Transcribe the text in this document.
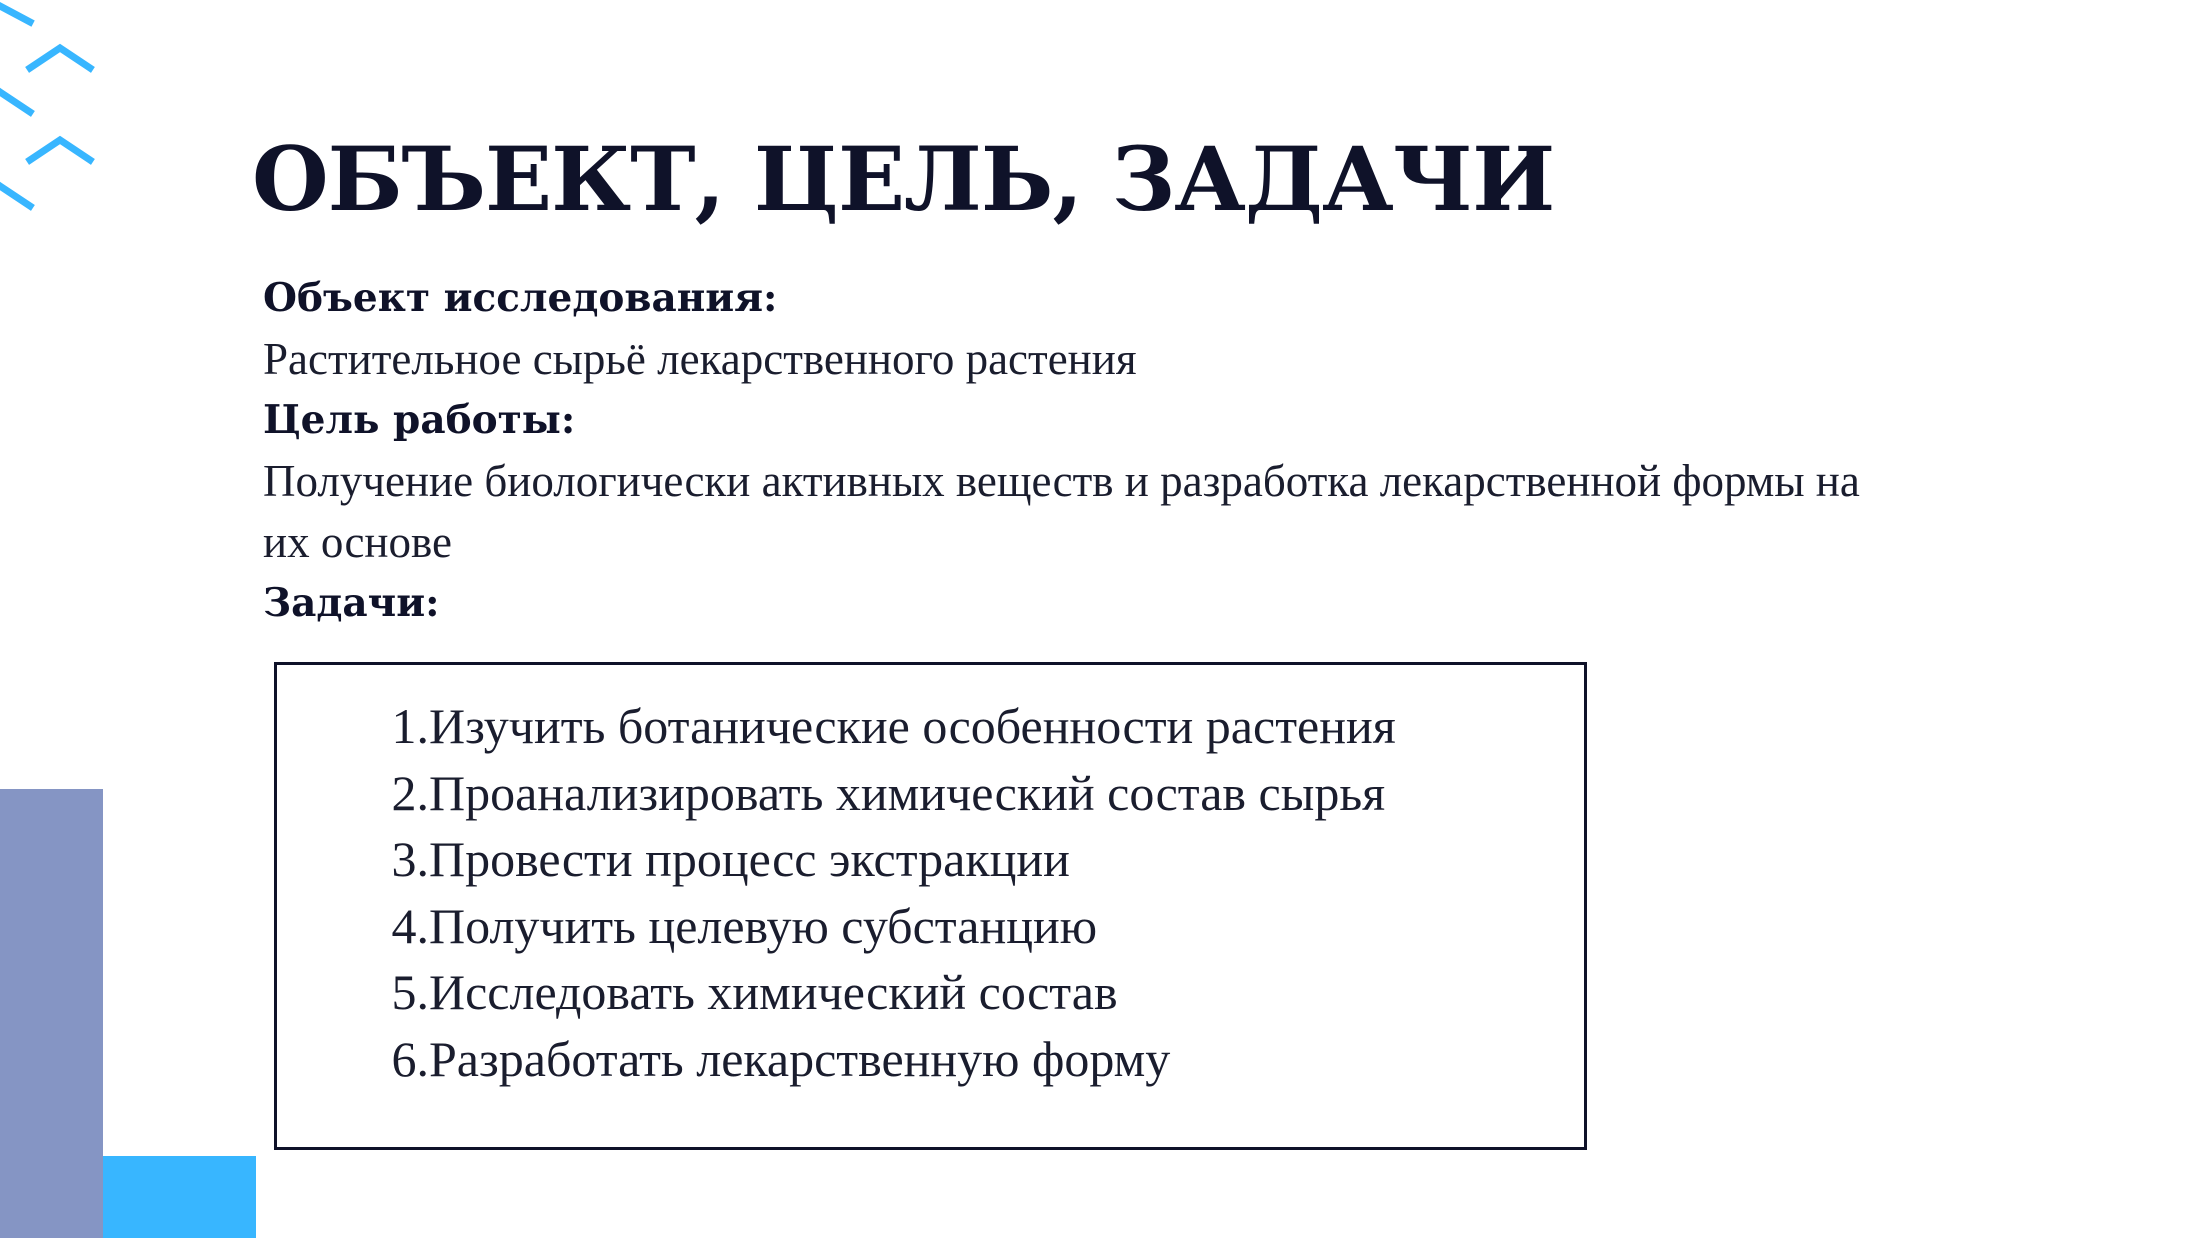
ОБЪЕКТ, ЦЕЛЬ, ЗАДАЧИ
Объект исследования:
Растительное сырьё лекарственного растения
Цель работы:
Получение биологически активных веществ и разработка лекарственной формы на
их основе
Задачи:
1. Изучить ботанические особенности растения
2. Проанализировать химический состав сырья
3. Провести процесс экстракции
4. Получить целевую субстанцию
5. Исследовать химический состав
6. Разработать лекарственную форму
